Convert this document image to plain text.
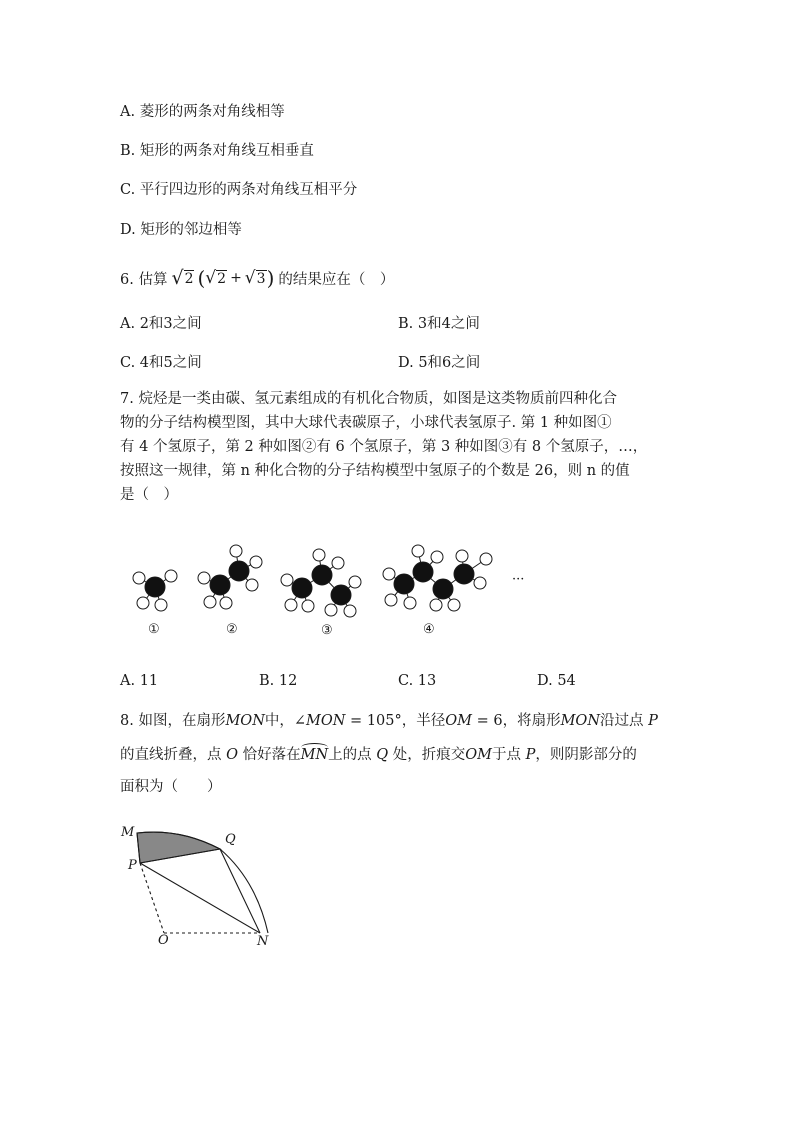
A. 菱形的两条对角线相等
B. 矩形的两条对角线互相垂直
C. 平行四边形的两条对角线互相平分
D. 矩形的邻边相等
6. 估算 √ 2 ( √ 2 + √ 3 ) 的结果应在（　）
A. 2和3之间	B. 3和4之间
C. 4和5之间	D. 5和6之间
7. 烷烃是一类由碳、氢元素组成的有机化合物质，如图是这类物质前四种化合
物的分子结构模型图，其中大球代表碳原子，小球代表氢原子. 第 1 种如图①
有 4 个氢原子，第 2 种如图②有 6 个氢原子，第 3 种如图③有 8 个氢原子，…，
按照这一规律，第 n 种化合物的分子结构模型中氢原子的个数是 26，则 n 的值
是（　）
①	②	③	④
···
A. 11	B. 12	C. 13	D. 54
8. 如图，在扇形MON中，∠MON = 105°，半径OM = 6，将扇形MON沿过点 P
的直线折叠，点 O 恰好落在
MN上的点 Q 处，折痕交OM于点 P，则阴影部分的
面积为（　　）
M	Q
P
O	N
